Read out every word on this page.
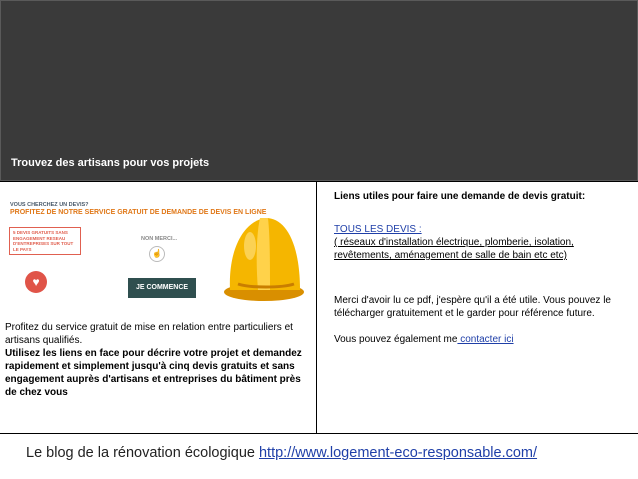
Trouvez des artisans pour vos projets
VOUS CHERCHEZ UN DEVIS?
PROFITEZ DE NOTRE SERVICE GRATUIT DE DEMANDE DE DEVIS EN LIGNE
5 DEVIS GRATUITS SANS ENGAGEMENT RESEAU D'ENTREPRISES SUR TOUT LE PAYS
♥
NON MERCI...
☝
JE COMMENCE

Profitez du service gratuit de mise en relation entre particuliers et artisans qualifiés.

Utilisez les liens en face pour décrire votre projet et demandez rapidement et simplement jusqu'à cinq devis gratuits et sans engagement auprès d'artisans et entreprises du bâtiment près de chez vous

Liens utiles pour faire une demande de devis gratuit:

TOUS LES DEVIS :

( réseaux d'installation électrique, plomberie, isolation, revêtements, aménagement de salle de bain etc etc)

Merci d'avoir lu ce pdf, j'espère qu'il a été utile. Vous pouvez le télécharger gratuitement et le garder pour référence future.

Vous pouvez également me contacter ici

Le blog de la rénovation écologique http://www.logement-eco-responsable.com/
